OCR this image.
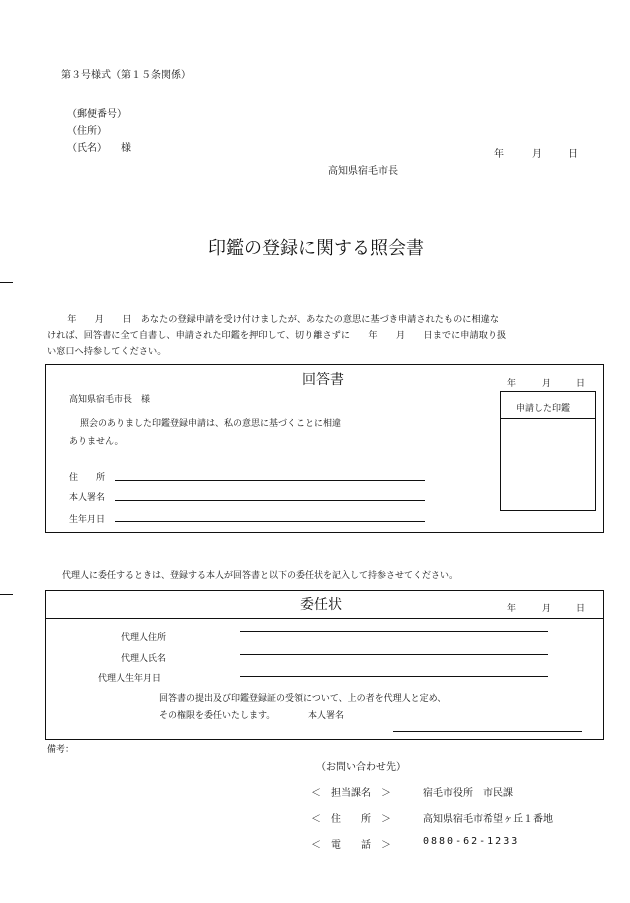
第３号様式（第１５条関係）
（郵便番号）
（住所）
（氏名） 様
年	月	日
高知県宿毛市長
印鑑の登録に関する照会書
年　　月　　日　あなたの登録申請を受け付けましたが、あなたの意思に基づき申請されたものに相違な
ければ、回答書に全て自書し、申請された印鑑を押印して、切り離さずに　　年　　月　　日までに申請取り扱
い窓口へ持参してください。
回答書	年	月	日
高知県宿毛市長　様
照会のありました印鑑登録申請は、私の意思に基づくことに相違
ありません。
住　　所
本人署名
生年月日
申請した印鑑
代理人に委任するときは、登録する本人が回答書と以下の委任状を記入して持参させてください。
委任状	年	月	日
代理人住所
代理人氏名
代理人生年月日
回答書の提出及び印鑑登録証の受領について、上の者を代理人と定め、
その権限を委任いたします。	本人署名
備考：
（お問い合わせ先）
＜　担当課名　＞	宿毛市役所　市民課
＜　住　　所　＞	高知県宿毛市希望ヶ丘１番地
＜　電　　話　＞	0880-62-1233
